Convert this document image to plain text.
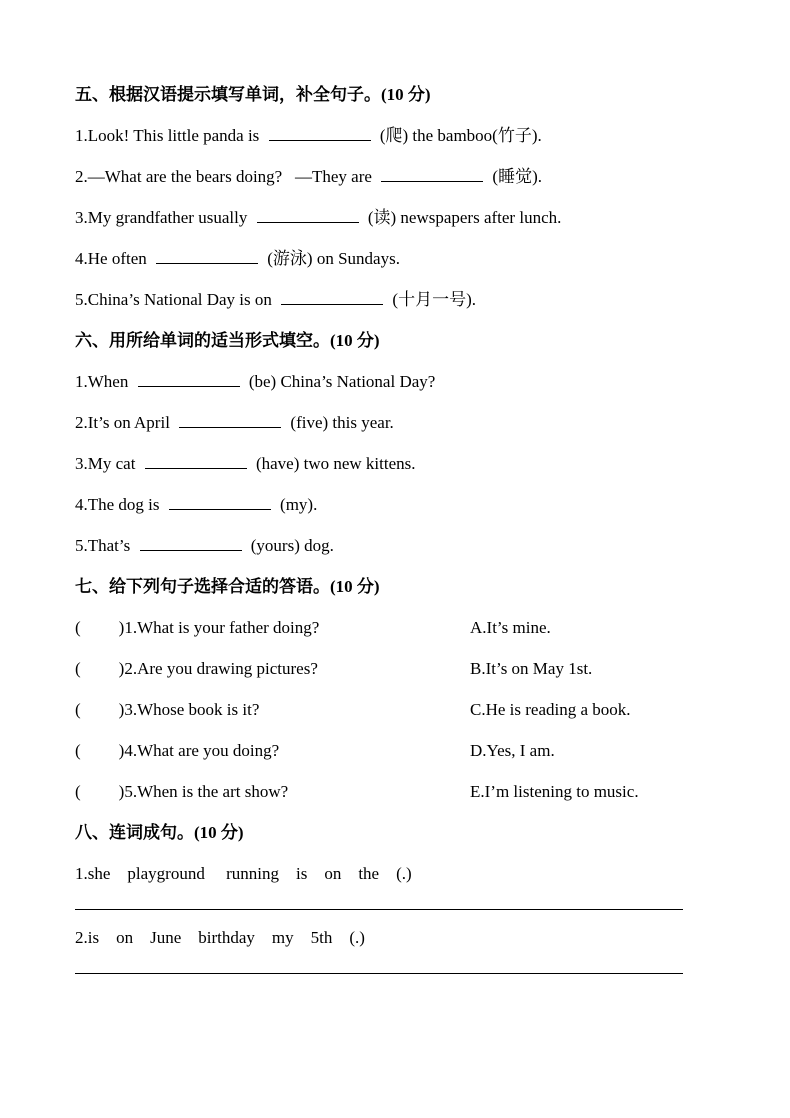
五、根据汉语提示填写单词，补全句子。(10 分)

1.Look! This little panda is	(爬) the bamboo(竹子).

2.—What are the bears doing?   —They are	(睡觉).

3.My grandfather usually	(读) newspapers after lunch.

4.He often	(游泳) on Sundays.

5.China’s National Day is on	(十月一号).

六、用所给单词的适当形式填空。(10 分)

1.When	(be) China’s National Day?

2.It’s on April	(five) this year.

3.My cat	(have) two new kittens.

4.The dog is	(my).

5.That’s	(yours) dog.

七、给下列句子选择合适的答语。(10 分)
( )1.What is your father doing?	A.It’s mine.
( )2.Are you drawing pictures?	B.It’s on May 1st.
( )3.Whose book is it?	C.He is reading a book.
( )4.What are you doing?	D.Yes, I am.
( )5.When is the art show?	E.I’m listening to music.
八、连词成句。(10 分)

1.she    playground     running    is    on    the    (.)

2.is    on    June    birthday    my    5th    (.)
